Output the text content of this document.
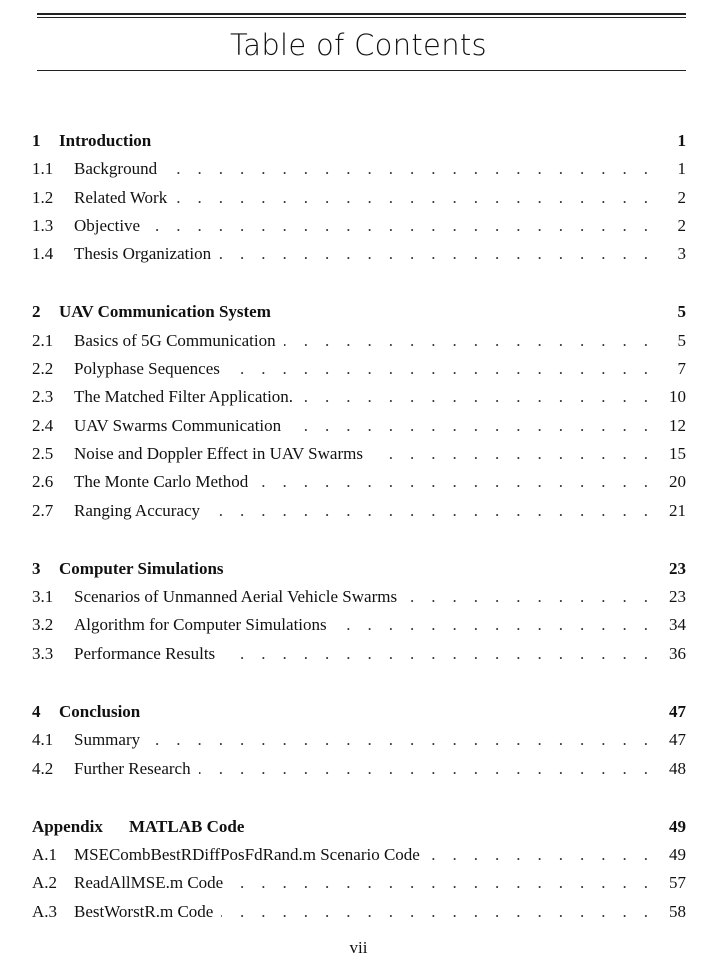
Table of Contents
1	Introduction	1
1.1	Background .	1
1.2	Related Work .	2
1.3	Objective .	2
1.4	Thesis Organization .	3
2	UAV Communication System	5
2.1	Basics of 5G Communication .	5
2.2	Polyphase Sequences .	7
2.3	The Matched Filter Application. .	10
2.4	UAV Swarms Communication .	12
2.5	Noise and Doppler Effect in UAV Swarms .	15
2.6	The Monte Carlo Method .	20
2.7	Ranging Accuracy .	21
3	Computer Simulations	23
3.1	Scenarios of Unmanned Aerial Vehicle Swarms .	23
3.2	Algorithm for Computer Simulations .	34
3.3	Performance Results .	36
4	Conclusion	47
4.1	Summary .	47
4.2	Further Research .	48
Appendix	MATLAB Code	49
A.1 MSECombBestRDiffPosFdRand.m Scenario Code .	49
A.2 ReadAllMSE.m Code .	57
A.3 BestWorstR.m Code .	58
vii
